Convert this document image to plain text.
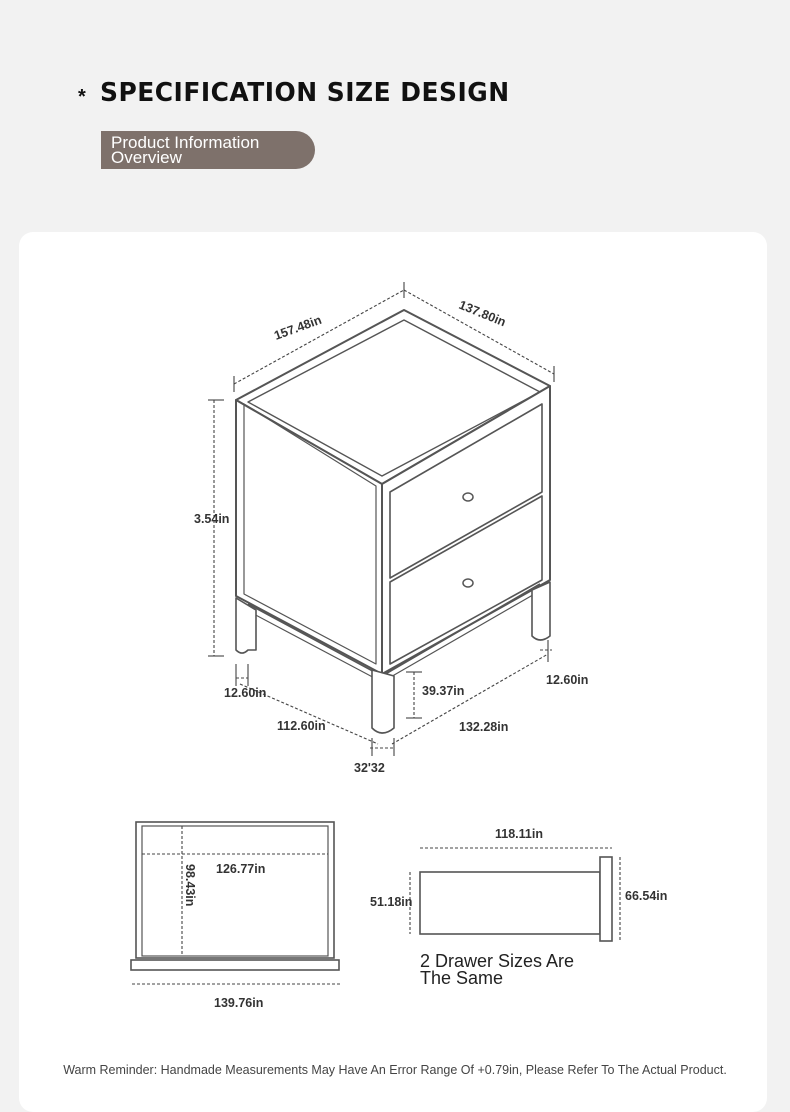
* SPECIFICATION SIZE DESIGN
Product Information
Overview
157.48in	137.80in
3.54in
12.60in
12.60in
112.60in	132.28in
39.37in
32'32
126.77in
98.43in
139.76in
118.11in
51.18in	66.54in
2 Drawer Sizes Are
The Same
Warm Reminder: Handmade Measurements May Have An Error Range Of +0.79in, Please Refer To The Actual Product.
